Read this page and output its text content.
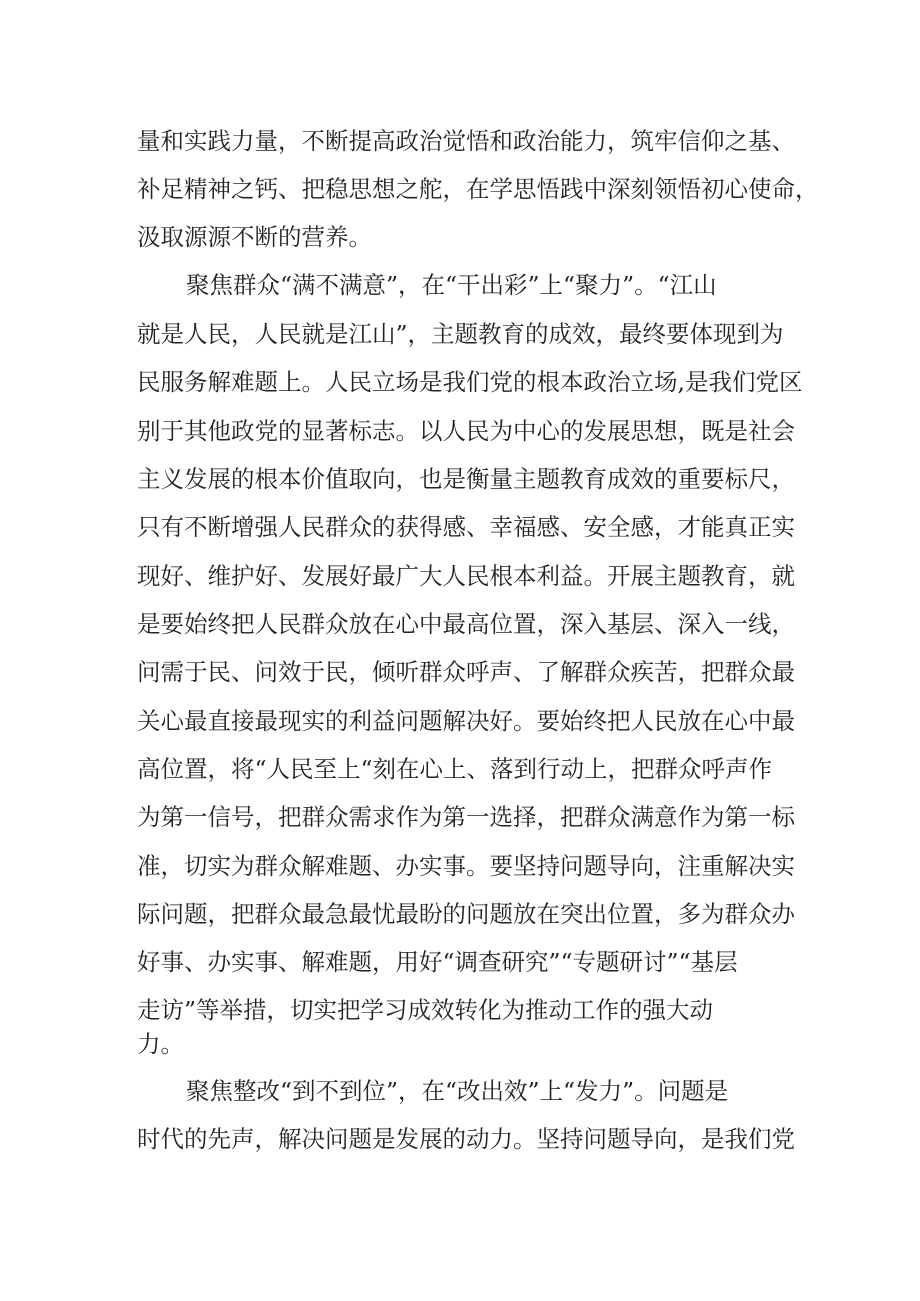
量和实践力量，不断提高政治觉悟和政治能力，筑牢信仰之基、
补足精神之钙、把稳思想之舵，在学思悟践中深刻领悟初心使命，
汲取源源不断的营养。
聚焦群众“满不满意”，在“干出彩”上“聚力”。“江山
就是人民，人民就是江山”，主题教育的成效，最终要体现到为
民服务解难题上。人民立场是我们党的根本政治立场,是我们党区
别于其他政党的显著标志。以人民为中心的发展思想，既是社会
主义发展的根本价值取向，也是衡量主题教育成效的重要标尺，
只有不断增强人民群众的获得感、幸福感、安全感，才能真正实
现好、维护好、发展好最广大人民根本利益。开展主题教育，就
是要始终把人民群众放在心中最高位置，深入基层、深入一线，
问需于民、问效于民，倾听群众呼声、了解群众疾苦，把群众最
关心最直接最现实的利益问题解决好。要始终把人民放在心中最
高位置，将“人民至上“刻在心上、落到行动上，把群众呼声作
为第一信号，把群众需求作为第一选择，把群众满意作为第一标
准，切实为群众解难题、办实事。要坚持问题导向，注重解决实
际问题，把群众最急最忧最盼的问题放在突出位置，多为群众办
好事、办实事、解难题，用好“调查研究”“专题研讨”“基层
走访”等举措，切实把学习成效转化为推动工作的强大动
力。
聚焦整改“到不到位”，在“改出效”上“发力”。问题是
时代的先声，解决问题是发展的动力。坚持问题导向，是我们党
